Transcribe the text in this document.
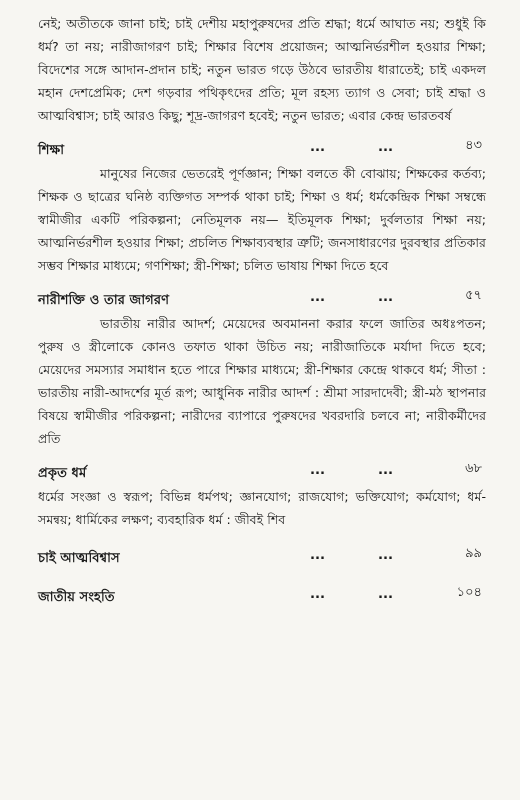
নেই; অতীতকে জানা চাই; চাই দেশীয় মহাপুরুষদের প্রতি শ্রদ্ধা; ধর্মে আঘাত নয়; শুধুই কি ধর্ম? তা নয়; নারীজাগরণ চাই; শিক্ষার বিশেষ প্রয়োজন; আত্মনির্ভরশীল হওয়ার শিক্ষা; বিদেশের সঙ্গে আদান-প্রদান চাই; নতুন ভারত গড়ে উঠবে ভারতীয় ধারাতেই; চাই একদল মহান দেশপ্রেমিক; দেশ গড়বার পথিকৃৎদের প্রতি; মূল রহস্য ত্যাগ ও সেবা; চাই শ্রদ্ধা ও আত্মবিশ্বাস; চাই আরও কিছু; শূদ্র-জাগরণ হবেই; নতুন ভারত; এবার কেন্দ্র ভারতবর্ষ

শিক্ষা	...	...	৪৩

মানুষের নিজের ভেতরেই পূর্ণজ্ঞান; শিক্ষা বলতে কী বোঝায়; শিক্ষকের কর্তব্য; শিক্ষক ও ছাত্রের ঘনিষ্ঠ ব্যক্তিগত সম্পর্ক থাকা চাই; শিক্ষা ও ধর্ম; ধর্মকেন্দ্রিক শিক্ষা সম্বন্ধে স্বামীজীর একটি পরিকল্পনা; নেতিমূলক নয়— ইতিমূলক শিক্ষা; দুর্বলতার শিক্ষা নয়; আত্মনির্ভরশীল হওয়ার শিক্ষা; প্রচলিত শিক্ষাব্যবস্থার ত্রুটি; জনসাধারণের দুরবস্থার প্রতিকার সম্ভব শিক্ষার মাধ্যমে; গণশিক্ষা; স্ত্রী-শিক্ষা; চলিত ভাষায় শিক্ষা দিতে হবে

নারীশক্তি ও তার জাগরণ	...	...	৫৭

ভারতীয় নারীর আদর্শ; মেয়েদের অবমাননা করার ফলে জাতির অধঃপতন; পুরুষ ও স্ত্রীলোকে কোনও তফাত থাকা উচিত নয়; নারীজাতিকে মর্যাদা দিতে হবে; মেয়েদের সমস্যার সমাধান হতে পারে শিক্ষার মাধ্যমে; স্ত্রী-শিক্ষার কেন্দ্রে থাকবে ধর্ম; সীতা : ভারতীয় নারী-আদর্শের মূর্ত রূপ; আধুনিক নারীর আদর্শ : শ্রীমা সারদাদেবী; স্ত্রী-মঠ স্থাপনার বিষয়ে স্বামীজীর পরিকল্পনা; নারীদের ব্যাপারে পুরুষদের খবরদারি চলবে না; নারীকর্মীদের প্রতি

প্রকৃত ধর্ম	...	...	৬৮

ধর্মের সংজ্ঞা ও স্বরূপ; বিভিন্ন ধর্মপথ; জ্ঞানযোগ; রাজযোগ; ভক্তিযোগ; কর্মযোগ; ধর্ম-সমন্বয়; ধার্মিকের লক্ষণ; ব্যবহারিক ধর্ম : জীবই শিব

চাই আত্মবিশ্বাস	...	...	৯৯
জাতীয় সংহতি	...	...	১০৪
